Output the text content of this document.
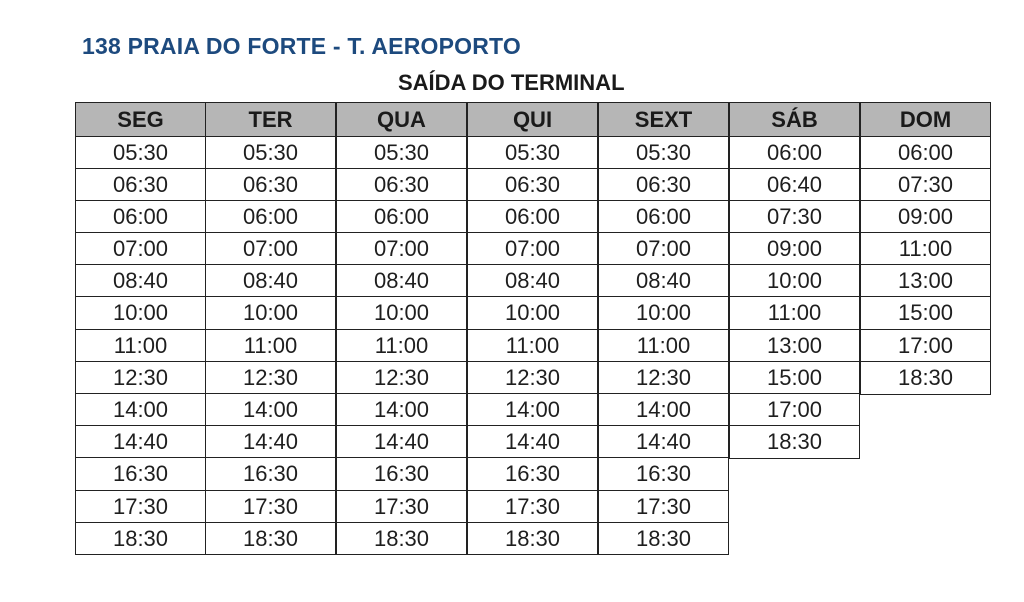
138 PRAIA DO FORTE - T. AEROPORTO
SAÍDA DO TERMINAL
SEG
05:30
06:30
06:00
07:00
08:40
10:00
11:00
12:30
14:00
14:40
16:30
17:30
18:30
TER
05:30
06:30
06:00
07:00
08:40
10:00
11:00
12:30
14:00
14:40
16:30
17:30
18:30
QUA
05:30
06:30
06:00
07:00
08:40
10:00
11:00
12:30
14:00
14:40
16:30
17:30
18:30
QUI
05:30
06:30
06:00
07:00
08:40
10:00
11:00
12:30
14:00
14:40
16:30
17:30
18:30
SEXT
05:30
06:30
06:00
07:00
08:40
10:00
11:00
12:30
14:00
14:40
16:30
17:30
18:30
SÁB
06:00
06:40
07:30
09:00
10:00
11:00
13:00
15:00
17:00
18:30
DOM
06:00
07:30
09:00
11:00
13:00
15:00
17:00
18:30
